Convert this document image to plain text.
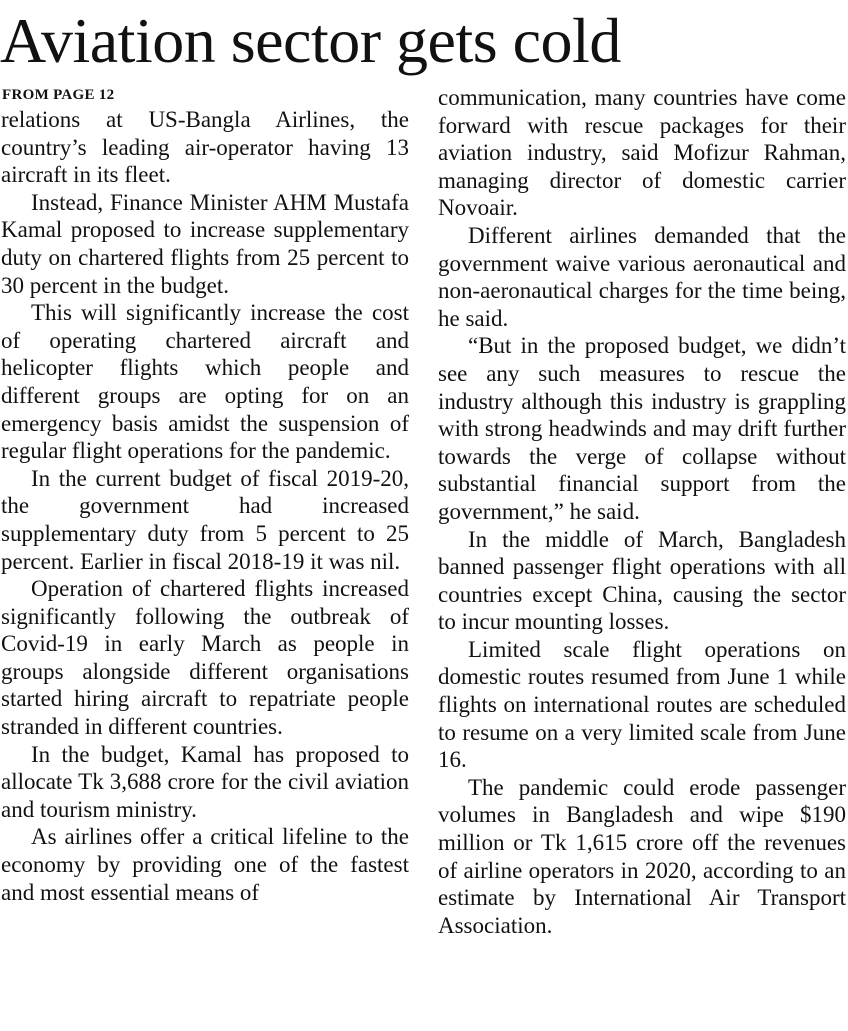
Aviation sector gets cold
FROM PAGE 12

relations at US-Bangla Airlines, the country’s leading air-operator having 13 aircraft in its fleet.

Instead, Finance Minister AHM Mustafa Kamal proposed to increase supplementary duty on chartered flights from 25 percent to 30 percent in the budget.

This will significantly increase the cost of operating chartered aircraft and helicopter flights which people and different groups are opting for on an emergency basis amidst the suspension of regular flight operations for the pandemic.

In the current budget of fiscal 2019-20, the government had increased supplementary duty from 5 percent to 25 percent. Earlier in fiscal 2018-19 it was nil.

Operation of chartered flights increased significantly following the outbreak of Covid-19 in early March as people in groups alongside different organisations started hiring aircraft to repatriate people stranded in different countries.

In the budget, Kamal has proposed to allocate Tk 3,688 crore for the civil aviation and tourism ministry.

As airlines offer a critical lifeline to the economy by providing one of the fastest and most essential means of

communication, many countries have come forward with rescue packages for their aviation industry, said Mofizur Rahman, managing director of domestic carrier Novoair.

Different airlines demanded that the government waive various aeronautical and non-aeronautical charges for the time being, he said.

“But in the proposed budget, we didn’t see any such measures to rescue the industry although this industry is grappling with strong headwinds and may drift further towards the verge of collapse without substantial financial support from the government,” he said.

In the middle of March, Bangladesh banned passenger flight operations with all countries except China, causing the sector to incur mounting losses.

Limited scale flight operations on domestic routes resumed from June 1 while flights on international routes are scheduled to resume on a very limited scale from June 16.

The pandemic could erode passenger volumes in Bangladesh and wipe $190 million or Tk 1,615 crore off the revenues of airline operators in 2020, according to an estimate by International Air Transport Association.
